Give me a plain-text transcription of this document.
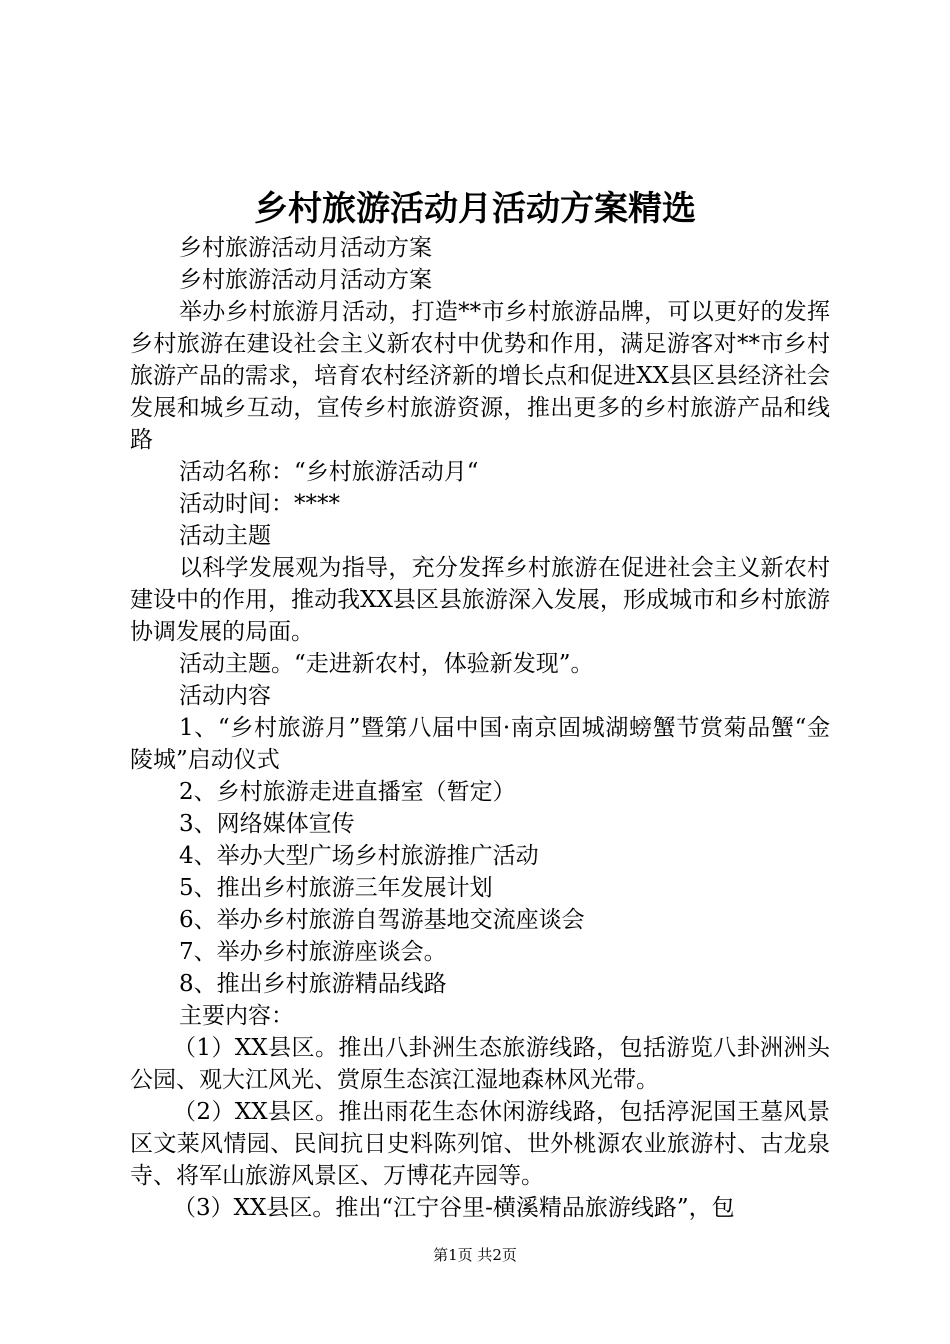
乡村旅游活动月活动方案精选

乡村旅游活动月活动方案

乡村旅游活动月活动方案

举办乡村旅游月活动，打造**市乡村旅游品牌，可以更好的发挥乡村旅游在建设社会主义新农村中优势和作用，满足游客对**市乡村旅游产品的需求，培育农村经济新的增长点和促进XX县区县经济社会发展和城乡互动，宣传乡村旅游资源，推出更多的乡村旅游产品和线路

活动名称：“乡村旅游活动月“

活动时间：****

活动主题

以科学发展观为指导，充分发挥乡村旅游在促进社会主义新农村建设中的作用，推动我XX县区县旅游深入发展，形成城市和乡村旅游协调发展的局面。

活动主题。“走进新农村，体验新发现”。

活动内容

1、“乡村旅游月”暨第八届中国·南京固城湖螃蟹节赏菊品蟹“金陵城”启动仪式

2、乡村旅游走进直播室（暂定）

3、网络媒体宣传

4、举办大型广场乡村旅游推广活动

5、推出乡村旅游三年发展计划

6、举办乡村旅游自驾游基地交流座谈会

7、举办乡村旅游座谈会。

8、推出乡村旅游精品线路

主要内容：

（1）XX县区。推出八卦洲生态旅游线路，包括游览八卦洲洲头公园、观大江风光、赏原生态滨江湿地森林风光带。

（2）XX县区。推出雨花生态休闲游线路，包括渟泥国王墓风景区文莱风情园、民间抗日史料陈列馆、世外桃源农业旅游村、古龙泉寺、将军山旅游风景区、万博花卉园等。

（3）XX县区。推出“江宁谷里-横溪精品旅游线路”，包

第1页 共2页
